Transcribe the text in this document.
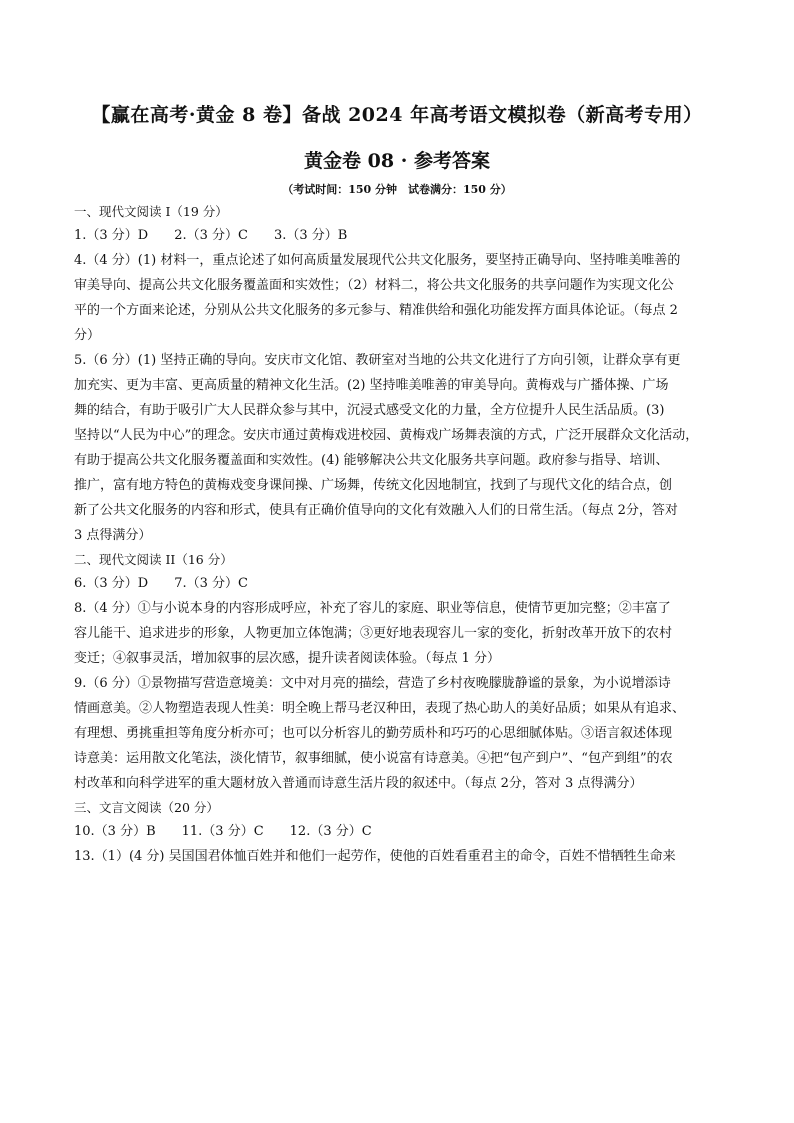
【赢在高考·黄金 8 卷】备战 2024 年高考语文模拟卷（新高考专用）
黄金卷 08 · 参考答案
（考试时间：150 分钟　试卷满分：150 分）
一、现代文阅读 I（19 分）
1.（3 分）D　　2.（3 分）C　　3.（3 分）B
4.（4 分）(1) 材料一，重点论述了如何高质量发展现代公共文化服务，要坚持正确导向、坚持唯美唯善的
审美导向、提高公共文化服务覆盖面和实效性；（2）材料二，将公共文化服务的共享问题作为实现文化公
平的一个方面来论述，分别从公共文化服务的多元参与、精准供给和强化功能发挥方面具体论证。（每点 2
分）
5.（6 分）(1) 坚持正确的导向。安庆市文化馆、教研室对当地的公共文化进行了方向引领，让群众享有更
加充实、更为丰富、更高质量的精神文化生活。(2) 坚持唯美唯善的审美导向。黄梅戏与广播体操、广场
舞的结合，有助于吸引广大人民群众参与其中，沉浸式感受文化的力量，全方位提升人民生活品质。(3)
坚持以“人民为中心”的理念。安庆市通过黄梅戏进校园、黄梅戏广场舞表演的方式，广泛开展群众文化活动，
有助于提高公共文化服务覆盖面和实效性。(4) 能够解决公共文化服务共享问题。政府参与指导、培训、
推广，富有地方特色的黄梅戏变身课间操、广场舞，传统文化因地制宜，找到了与现代文化的结合点，创
新了公共文化服务的内容和形式，使具有正确价值导向的文化有效融入人们的日常生活。（每点 2分，答对
3 点得满分）
二、现代文阅读 II（16 分）
6.（3 分）D　　7.（3 分）C
8.（4 分）①与小说本身的内容形成呼应，补充了容儿的家庭、职业等信息，使情节更加完整；②丰富了
容儿能干、追求进步的形象，人物更加立体饱满；③更好地表现容儿一家的变化，折射改革开放下的农村
变迁；④叙事灵活，增加叙事的层次感，提升读者阅读体验。（每点 1 分）
9.（6 分）①景物描写营造意境美：文中对月亮的描绘，营造了乡村夜晚朦胧静谧的景象，为小说增添诗
情画意美。②人物塑造表现人性美：明全晚上帮马老汉种田，表现了热心助人的美好品质；如果从有追求、
有理想、勇挑重担等角度分析亦可；也可以分析容儿的勤劳质朴和巧巧的心思细腻体贴。③语言叙述体现
诗意美：运用散文化笔法，淡化情节，叙事细腻，使小说富有诗意美。④把“包产到户”、“包产到组”的农
村改革和向科学进军的重大题材放入普通而诗意生活片段的叙述中。（每点 2分，答对 3 点得满分）
三、文言文阅读（20 分）
10.（3 分）B　　11.（3 分）C　　12.（3 分）C
13.（1）(4 分) 吴国国君体恤百姓并和他们一起劳作，使他的百姓看重君主的命令，百姓不惜牺牲生命来
